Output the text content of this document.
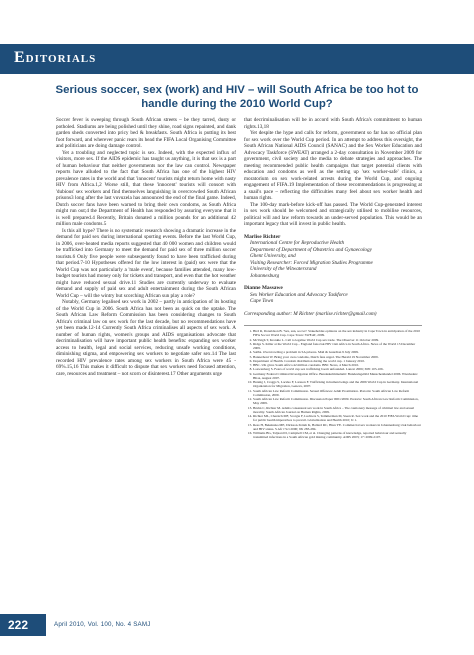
Editorials
Serious soccer, sex (work) and HIV – will South Africa be too hot to handle during the 2010 World Cup?

Soccer fever is sweeping through South African streets – be they tarred, dusty or potholed. Stadiums are being polished until they shine, road signs repainted, and dank garden sheds converted into pricy bed & breakfasts. South Africa is putting its best foot forward, and wherever panic rears its head the FIFA Local Organising Committee and politicians are doing damage control.

Yet a troubling and neglected topic is sex. Indeed, with the expected influx of visitors, more sex. If the AIDS epidemic has taught us anything, it is that sex is a part of human behaviour that neither governments nor the law can control. Newspaper reports have alluded to the fact that South Africa has one of the highest HIV prevalence rates in the world and that 'innocent' tourists might return home with nasty HIV from Africa.1,2 Worse still, that these 'innocent' tourists will consort with 'dubious' sex workers and find themselves languishing in overcrowded South African prisons3 long after the last vuvuzela has announced the end of the final game. Indeed, Dutch soccer fans have been warned to bring their own condoms, as South Africa might run out;4 the Department of Health has responded by assuring everyone that it is well prepared.4 Recently, Britain donated a million pounds for an additional 42 million male condoms.5

Is this all hype? There is no systematic research showing a dramatic increase in the demand for paid sex during international sporting events. Before the last World Cup, in 2006, over-heated media reports suggested that 40 000 women and children would be trafficked into Germany to meet the demand for paid sex of three million soccer tourists.6 Only five people were subsequently found to have been trafficked during that period.7-10 Hypotheses offered for the low interest in (paid) sex were that the World Cup was not particularly a 'male event', because families attended, many low-budget tourists had money only for tickets and transport, and even that the hot weather might have reduced sexual drive.11 Studies are currently underway to evaluate demand and supply of paid sex and adult entertainment during the South African World Cup – will the wintry but scorching African sun play a role?

Notably, Germany legalised sex work in 2002 – partly in anticipation of its hosting of the World Cup in 2006. South Africa has not been as quick on the uptake. The South African Law Reform Commission has been considering changes to South Africa's criminal law on sex work for the last decade, but no recommendations have yet been made.12-14 Currently South Africa criminalises all aspects of sex work. A number of human rights, women's groups and AIDS organisations advocate that decriminalisation will have important public health benefits: expanding sex worker access to health, legal and social services, reducing unsafe working conditions, diminishing stigma, and empowering sex workers to negotiate safer sex.14 The last recorded HIV prevalence rates among sex workers in South Africa were 45 - 69%.15,16 This makes it difficult to dispute that sex workers need focused attention, care, resources and treatment – not scorn or disinterest.17 Other arguments urge

that decriminalisation will be in accord with South Africa's commitment to human rights.13,18

Yet despite the hype and calls for reform, government so far has no official plan for sex work over the World Cup period. In an attempt to address this oversight, the South African National AIDS Council (SANAC) and the Sex Worker Education and Advocacy Taskforce (SWEAT) arranged a 2-day consultation in November 2009 for government, civil society and the media to debate strategies and approaches. The meeting recommended public health campaigns that target potential clients with education and condoms as well as the setting up 'sex worker-safe' clinics, a moratorium on sex work-related arrests during the World Cup, and ongoing engagement of FIFA.19 Implementation of these recommendations is progressing at a snail's pace – reflecting the difficulties many feel about sex worker health and human rights.

The 100-day mark-before kick-off has passed. The World Cup-generated interest in sex work should be welcomed and strategically utilised to mobilise resources, political will and law reform towards an under-served population. This would be an important legacy that will invest in public health.

Marlise Richter

International Centre for Reproductive Health

Department of Department of Obstetrics and Gynaecology

Ghent University, and

Visiting Researcher: Forced Migration Studies Programme

University of the Witwatersrand

Johannesburg

Dianne Massawe

Sex Worker Education and Advocacy Taskforce

Cape Town

Corresponding author: M Richter (marlise.richter@gmail.com)
1. Bird R, Donaldson B. 'Sex, sun, soccer': Stakeholder-opinions on the sex industry in Cape Town in anticipation of the 2010 FIFA Soccer World Cup. Cape Town: SWEAT, 2009.
2. McVeigh T, Kronkie L. Call to legalise World Cup sex trade. The Observer 11 October 2009.
3. Ridge S. Killer at the World Cup – England fans risk HIV visit Africa in South Africa. News of the World 13 December 2009.
4. SAPA. Overcrowding a problem in SA prisons. Mail & Guardian 9 July 2009.
5. Bannerhoni W. Bring your own condoms, Dutch fans urged. The Herald 19 November 2009.
6. Department of Health. Condom distribution during the world cup. 1 January 2010.
7. BBC. UK gives South Africa 42 million condoms. BBC News, 4 March 2010.
8. Loewenberg S. Fears of world cup sex trafficking boom unfounded. Lancet 2006; 368: 105-106.
9. Germany Federal Criminal Investigation Office. Bundeskriminalamt: Bundeslagebild Menschenhandel 2006. Wiesbaden: BKA, August 2007.
10. Hennig J, Craggs S, Laczko F, Larsson F. Trafficking in human beings and the 2006 World Cup in Germany. International Organization for Migration, Geneva, 2007.
11. South African Law Reform Commission. Sexual Offences: Adult Prostitution. Pretoria: South African Law Reform Commission, 2009.
12. South African Law Reform Commission. Discussion Paper 0001/2009. Pretoria: South African Law Reform Commission, May 2009.
13. Bruhn C, Richter M. Adults consensual sex work in South Africa – The cautionary message of criminal law and sexual morality. South African Journal on Human Rights, 2009.
14. Richter ML, Chersich MF, Scorgie F, Luchters S, Temmerman M, Steen R. Sex work and the 2010 FIFA World Cup: time for public health imperatives to prevail. Globalization and Health 2010; 6: 1.
15. Rees H, Beksinska ME, Dickson-Tetteh K, Ballard RC, Htun YE. Commercial sex workers in Johannesburg: risk behaviour and HIV status. S Afr J Sci 2000; 96: 283-284.
16. Williams BG, Taljaard D, Campbell CM, et al. Changing patterns of knowledge, reported behaviour and sexually transmitted infections in a South African gold mining community. AIDS 2003; 17: 2099-2107.
222	April 2010, Vol. 100, No. 4 SAMJ
